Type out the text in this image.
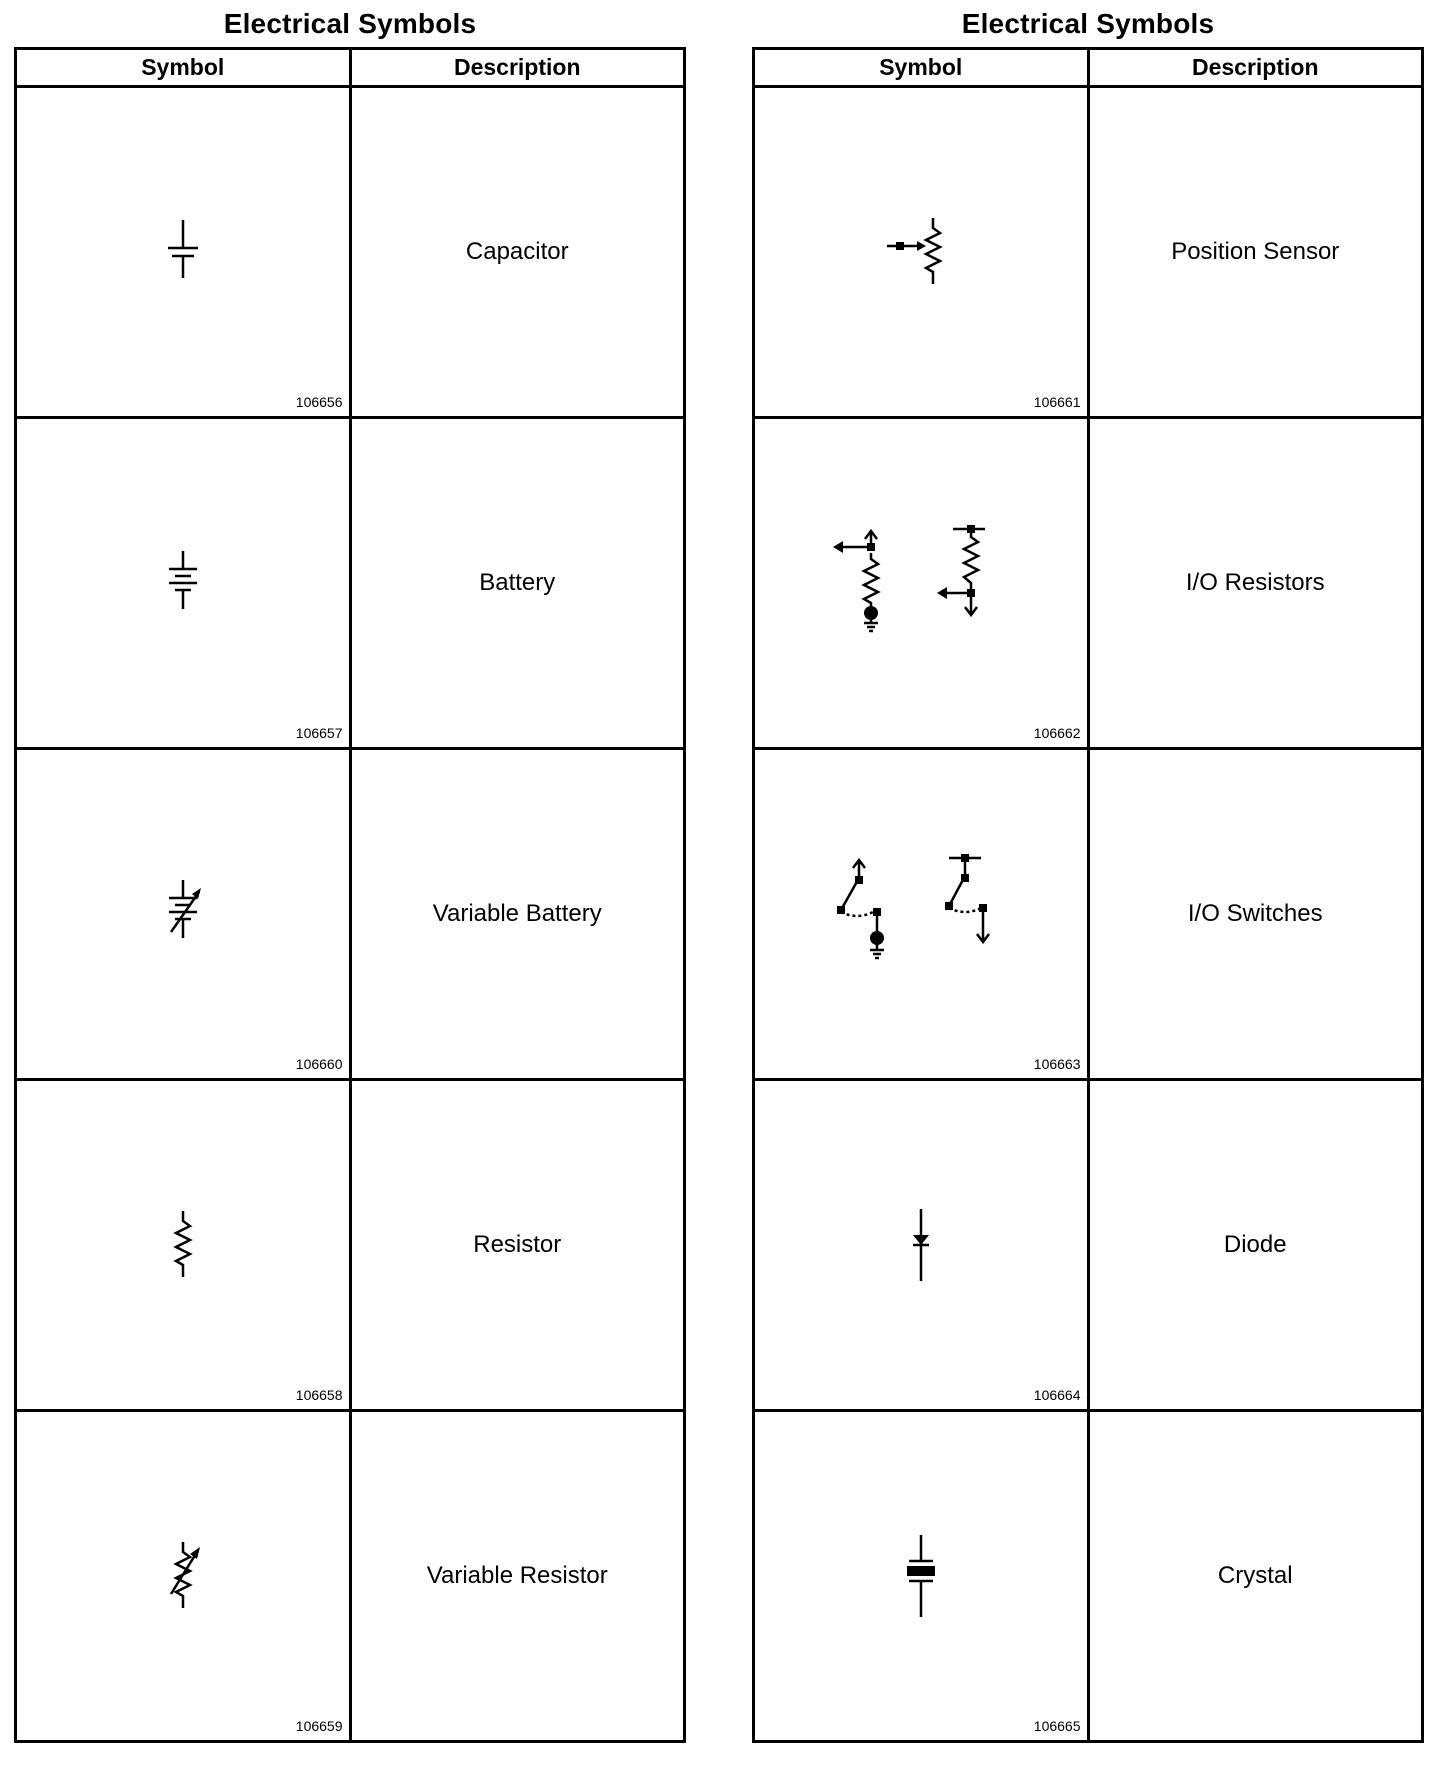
Electrical Symbols
Symbol	Description

106656	Capacitor

106657	Battery

106660	Variable Battery

106658	Resistor

106659	Variable Resistor
Electrical Symbols
Symbol	Description

106661	Position Sensor

106662	I/O Resistors

106663	I/O Switches

106664	Diode

106665	Crystal
